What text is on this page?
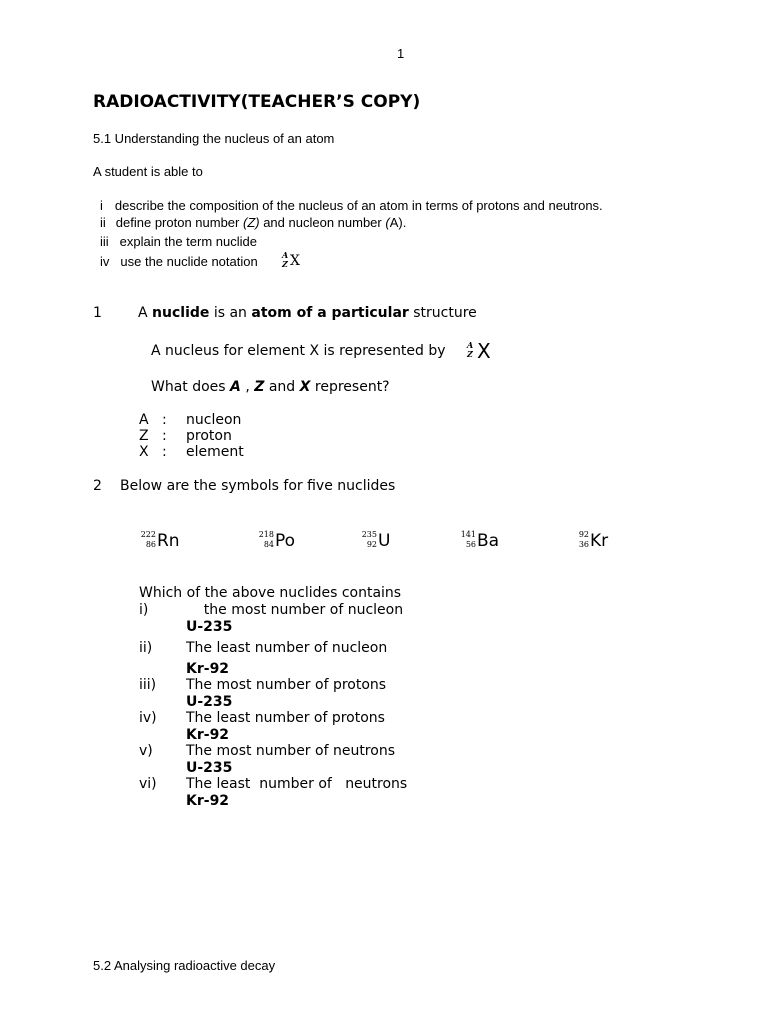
1
RADIOACTIVITY(TEACHER’S COPY)
5.1 Understanding the nucleus of an atom
A student is able to
i describe the composition of the nucleus of an atom in terms of protons and neutrons.
ii define proton number (Z) and nucleon number (A).
iii explain the term nuclide
iv use the nuclide notation	A
Z X
1	A nuclide is an atom of a particular structure
A nucleus for element X is represented by	A
Z X
What does A , Z and X represent?
A : nucleon
Z : proton
X : element
2 Below are the symbols for five nuclides
222
86 Rn	218
84 Po	235
92 U	141
56 Ba	92
36 Kr
Which of the above nuclides contains
i)	the most number of nucleon
U-235
ii) The least number of nucleon
Kr-92
iii) The most number of protons
U-235
iv) The least number of protons
Kr-92
v) The most number of neutrons
U-235
vi) The least  number of   neutrons
Kr-92
5.2 Analysing radioactive decay
